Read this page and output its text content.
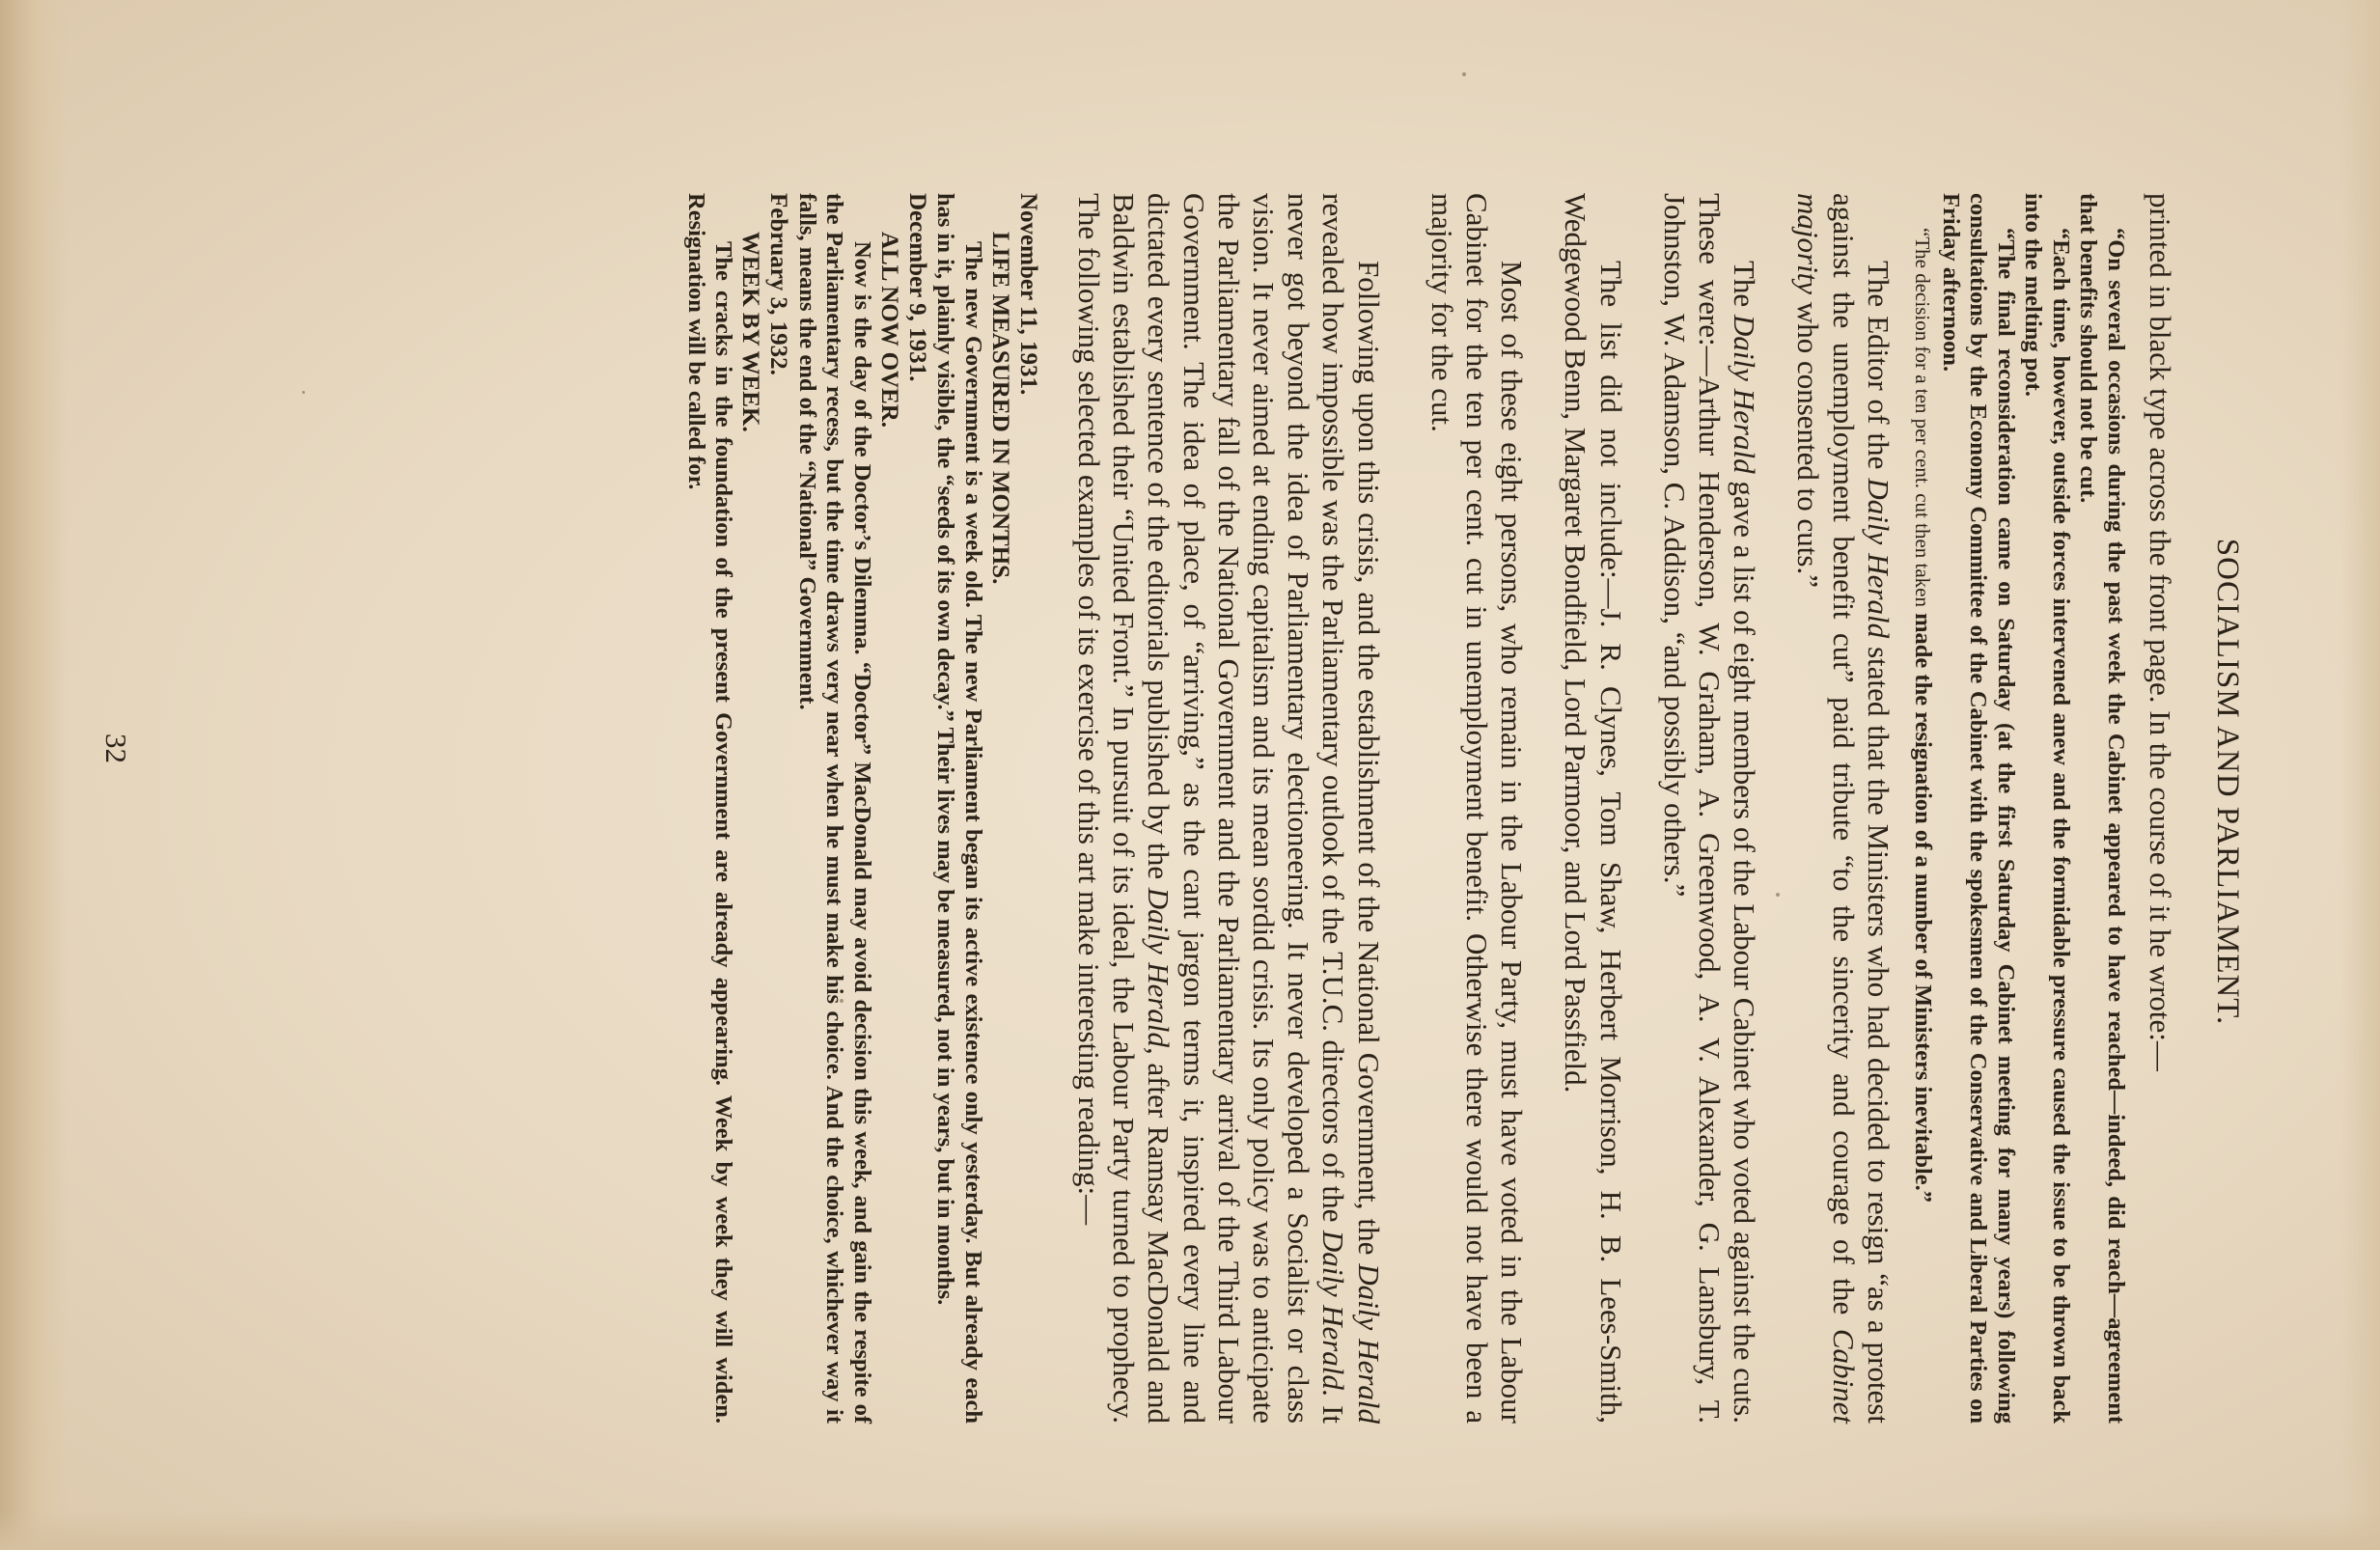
SOCIALISM AND PARLIAMENT.

printed in black type across the front page. In the course of it he wrote:—

“On several occasions during the past week the Cabinet appeared to have reached—indeed, did reach—agreement that benefits should not be cut.

“Each time, however, outside forces intervened anew and the formidable pressure caused the issue to be thrown back into the melting pot.

“The final reconsideration came on Saturday (at the first Saturday Cabinet meeting for many years) following consultations by the Economy Committee of the Cabinet with the spokesmen of the Conservative and Liberal Parties on Friday afternoon.

“The decision for a ten per cent. cut then taken made the resignation of a number of Ministers inevitable.”

The Editor of the Daily Herald stated that the Ministers who had decided to resign “as a protest against the unemployment benefit cut” paid tribute “to the sincerity and courage of the Cabinet majority who consented to cuts.”

The Daily Herald gave a list of eight members of the Labour Cabinet who voted against the cuts. These were:—Arthur Henderson, W. Graham, A. Greenwood, A. V. Alexander, G. Lansbury, T. Johnston, W. Adamson, C. Addison, “and possibly others.”

The list did not include:—J. R. Clynes, Tom Shaw, Herbert Morrison, H. B. Lees-Smith, Wedgewood Benn, Margaret Bondfield, Lord Parmoor, and Lord Passfield.

Most of these eight persons, who remain in the Labour Party, must have voted in the Labour Cabinet for the ten per cent. cut in unemployment benefit. Otherwise there would not have been a majority for the cut.

Following upon this crisis, and the establishment of the National Government, the Daily Herald revealed how impossible was the Parliamentary outlook of the T.U.C. directors of the Daily Herald. It never got beyond the idea of Parliamentary electioneering. It never developed a Socialist or class vision. It never aimed at ending capitalism and its mean sordid crisis. Its only policy was to anticipate the Parliamentary fall of the National Government and the Parliamentary arrival of the Third Labour Government. The idea of place, of “arriving,” as the cant jargon terms it, inspired every line and dictated every sentence of the editorials published by the Daily Herald, after Ramsay MacDonald and Baldwin established their “United Front.” In pursuit of its ideal, the Labour Party turned to prophecy. The following selected examples of its exercise of this art make interesting reading:—

November 11, 1931.

LIFE MEASURED IN MONTHS.

The new Government is a week old. The new Parliament began its active existence only yesterday. But already each has in it, plainly visible, the “seeds of its own decay.” Their lives may be measured, not in years, but in months.

December 9, 1931.

ALL NOW OVER.

Now is the day of the Doctor’s Dilemma. “Doctor” MacDonald may avoid decision this week, and gain the respite of the Parliamentary recess, but the time draws very near when he must make his choice. And the choice, whichever way it falls, means the end of the “National” Government.

February 3, 1932.

WEEK BY WEEK.

The cracks in the foundation of the present Government are already appearing. Week by week they will widen. Resignation will be called for.

32
